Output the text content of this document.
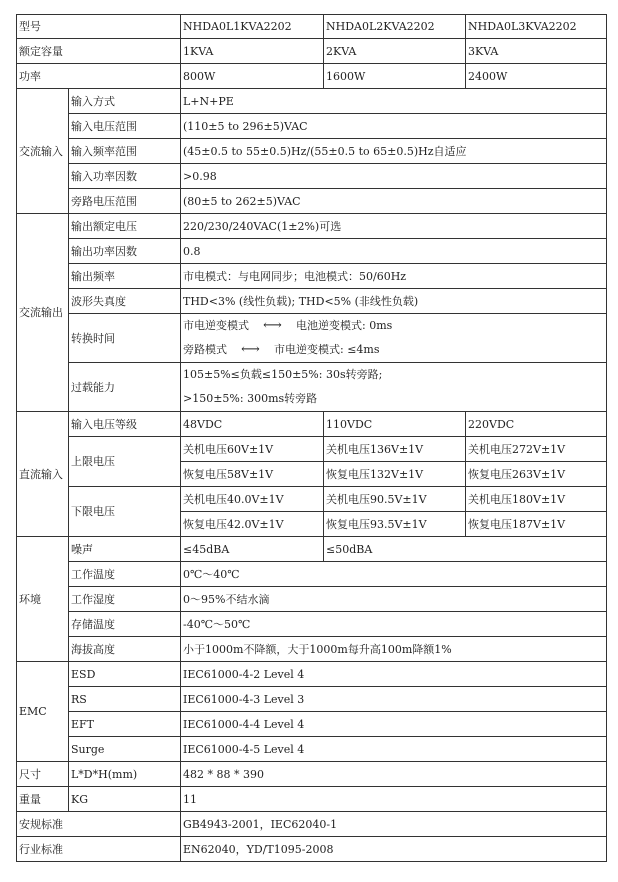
型号		NHDA0L1KVA2202	NHDA0L2KVA2202	NHDA0L3KVA2202
额定容量		1KVA	2KVA	3KVA
功率		800W	1600W	2400W
交流输入	输入方式	L+N+PE		
	输入电压范围	(110±5 to 296±5)VAC		
	输入频率范围	(45±0.5 to 55±0.5)Hz/(55±0.5 to 65±0.5)Hz自适应		
	输入功率因数	>0.98		
	旁路电压范围	(80±5 to 262±5)VAC		
交流输出	输出额定电压	220/230/240VAC(1±2%)可选		
	输出功率因数	0.8		
	输出频率	市电模式：与电网同步；电池模式：50/60Hz		
	波形失真度	THD<3% (线性负载); THD<5% (非线性负载)		
	转换时间	市电逆变模式 ⟷ 电池逆变模式: 0ms
旁路模式 ⟷ 市电逆变模式: ≤4ms		

	过载能力	105±5%≤负载≤150±5%: 30s转旁路;
>150±5%: 300ms转旁路		

直流输入	输入电压等级	48VDC	110VDC	220VDC
	上限电压	关机电压60V±1V	关机电压136V±1V	关机电压272V±1V
		恢复电压58V±1V	恢复电压132V±1V	恢复电压263V±1V
	下限电压	关机电压40.0V±1V	关机电压90.5V±1V	关机电压180V±1V
		恢复电压42.0V±1V	恢复电压93.5V±1V	恢复电压187V±1V
环境	噪声	≤45dBA	≤50dBA	
	工作温度	0℃～40℃		
	工作湿度	0～95%不结水滴		
	存储温度	-40℃～50℃		
	海拔高度	小于1000m不降额，大于1000m每升高100m降额1%		
EMC	ESD	IEC61000-4-2 Level 4		
	RS	IEC61000-4-3 Level 3		
	EFT	IEC61000-4-4 Level 4		
	Surge	IEC61000-4-5 Level 4		
尺寸	L*D*H(mm)	482 * 88 * 390		
重量	KG	11		
安规标准		GB4943-2001，IEC62040-1		
行业标准		EN62040，YD/T1095-2008		
